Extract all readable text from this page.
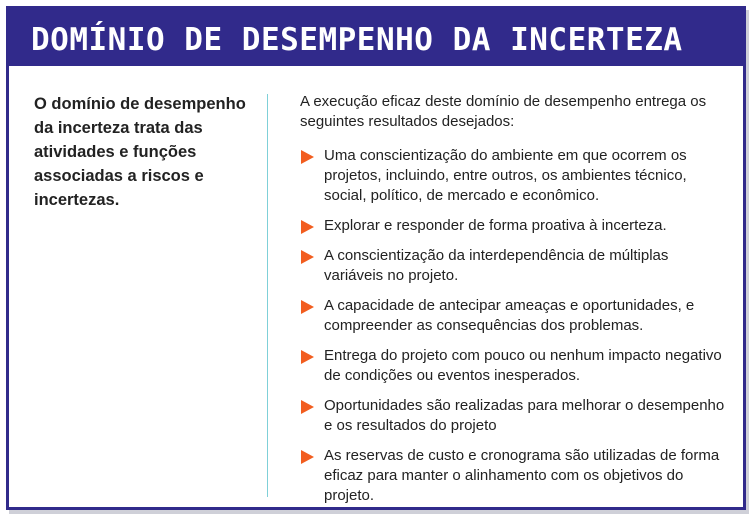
DOMÍNIO DE DESEMPENHO DA INCERTEZA

O domínio de desempenho da incerteza trata das atividades e funções associadas a riscos e incertezas.

A execução eficaz deste domínio de desempenho entrega os seguintes resultados desejados:

Uma conscientização do ambiente em que ocorrem os projetos, incluindo, entre outros, os ambientes técnico, social, político, de mercado e econômico.
Explorar e responder de forma proativa à incerteza.
A conscientização da interdependência de múltiplas variáveis no projeto.
A capacidade de antecipar ameaças e oportunidades, e compreender as consequências dos problemas.
Entrega do projeto com pouco ou nenhum impacto negativo de condições ou eventos inesperados.
Oportunidades são realizadas para melhorar o desempenho e os resultados do projeto
As reservas de custo e cronograma são utilizadas de forma eficaz para manter o alinhamento com os objetivos do projeto.
